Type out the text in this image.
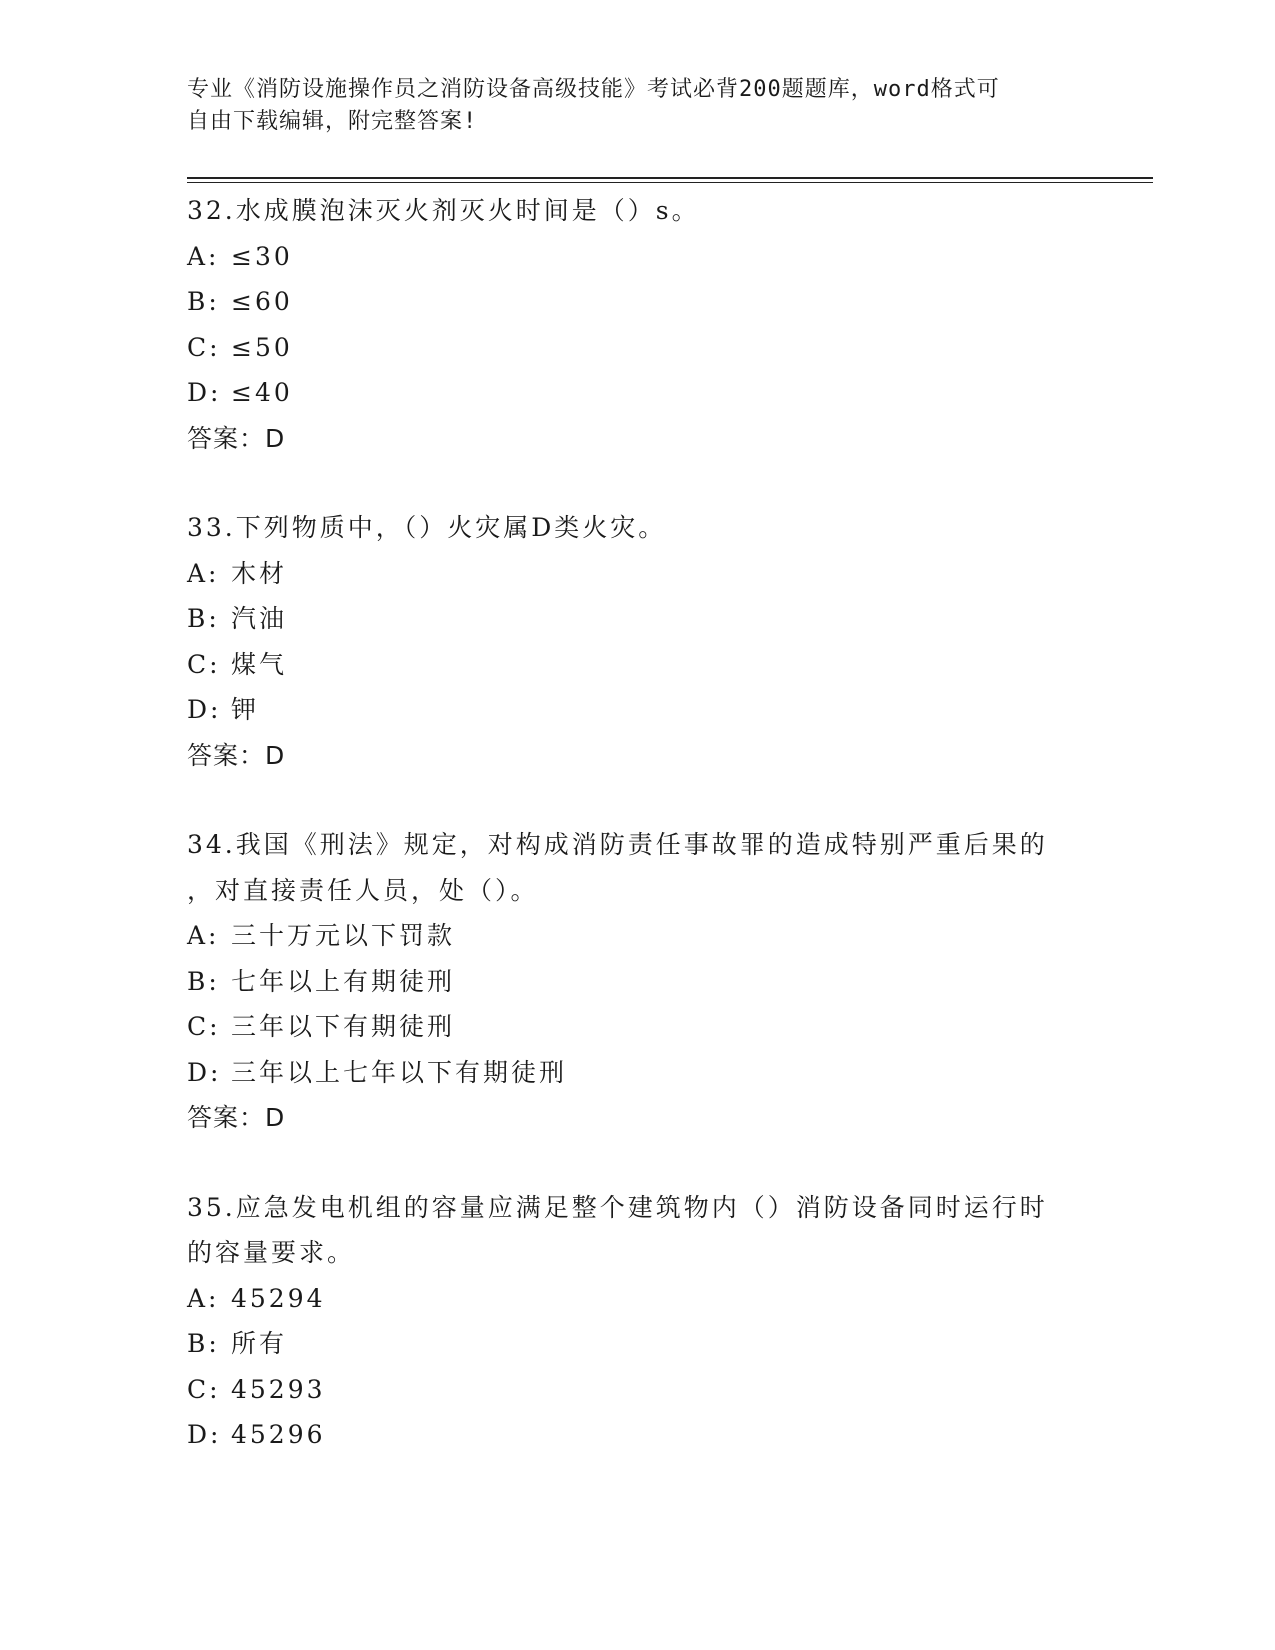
专业《消防设施操作员之消防设备高级技能》考试必背200题题库，word格式可
自由下载编辑，附完整答案!
32.水成膜泡沫灭火剂灭火时间是（）s。
A: ≤30
B: ≤60
C: ≤50
D: ≤40
答案：D
33.下列物质中，（）火灾属D类火灾。
A: 木材
B: 汽油
C: 煤气
D: 钾
答案：D
34.我国《刑法》规定，对构成消防责任事故罪的造成特别严重后果的
，对直接责任人员，处（）。
A: 三十万元以下罚款
B: 七年以上有期徒刑
C: 三年以下有期徒刑
D: 三年以上七年以下有期徒刑
答案：D
35.应急发电机组的容量应满足整个建筑物内（）消防设备同时运行时
的容量要求。
A: 45294
B: 所有
C: 45293
D: 45296
